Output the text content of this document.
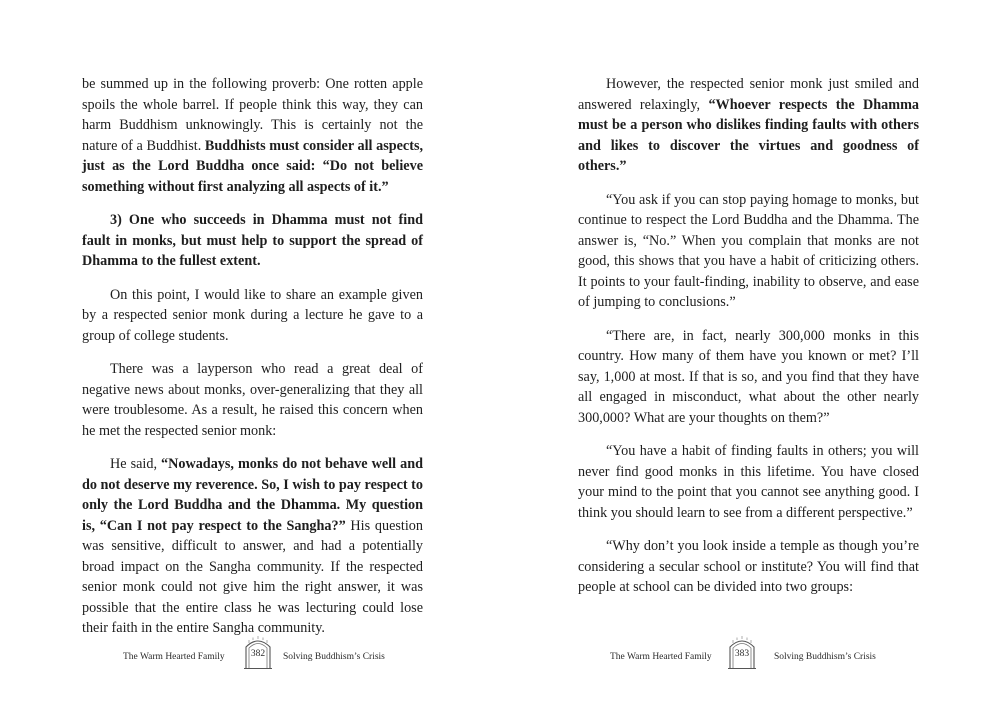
be summed up in the following proverb: One rotten apple spoils the whole barrel. If people think this way, they can harm Buddhism unknowingly. This is certainly not the nature of a Buddhist. Buddhists must consider all aspects, just as the Lord Buddha once said: “Do not believe something without first analyzing all aspects of it.”

3) One who succeeds in Dhamma must not find fault in monks, but must help to support the spread of Dhamma to the fullest extent.

On this point, I would like to share an example given by a respected senior monk during a lecture he gave to a group of college students.

There was a layperson who read a great deal of negative news about monks, over-generalizing that they all were troublesome. As a result, he raised this concern when he met the respected senior monk:

He said, “Nowadays, monks do not behave well and do not deserve my reverence. So, I wish to pay respect to only the Lord Buddha and the Dhamma. My question is, “Can I not pay respect to the Sangha?” His question was sensitive, difficult to answer, and had a potentially broad impact on the Sangha community. If the respected senior monk could not give him the right answer, it was possible that the entire class he was lecturing could lose their faith in the entire Sangha community.

The Warm Hearted Family	382	Solving Buddhism’s Crisis

However, the respected senior monk just smiled and answered relaxingly, “Whoever respects the Dhamma must be a person who dislikes finding faults with others and likes to discover the virtues and goodness of others.”

“You ask if you can stop paying homage to monks, but continue to respect the Lord Buddha and the Dhamma. The answer is, “No.” When you complain that monks are not good, this shows that you have a habit of criticizing others. It points to your fault-finding, inability to observe, and ease of jumping to conclusions.”

“There are, in fact, nearly 300,000 monks in this country. How many of them have you known or met? I’ll say, 1,000 at most. If that is so, and you find that they have all engaged in misconduct, what about the other nearly 300,000? What are your thoughts on them?”

“You have a habit of finding faults in others; you will never find good monks in this lifetime. You have closed your mind to the point that you cannot see anything good. I think you should learn to see from a different perspective.”

“Why don’t you look inside a temple as though you’re considering a secular school or institute? You will find that people at school can be divided into two groups:

The Warm Hearted Family	383	Solving Buddhism’s Crisis
